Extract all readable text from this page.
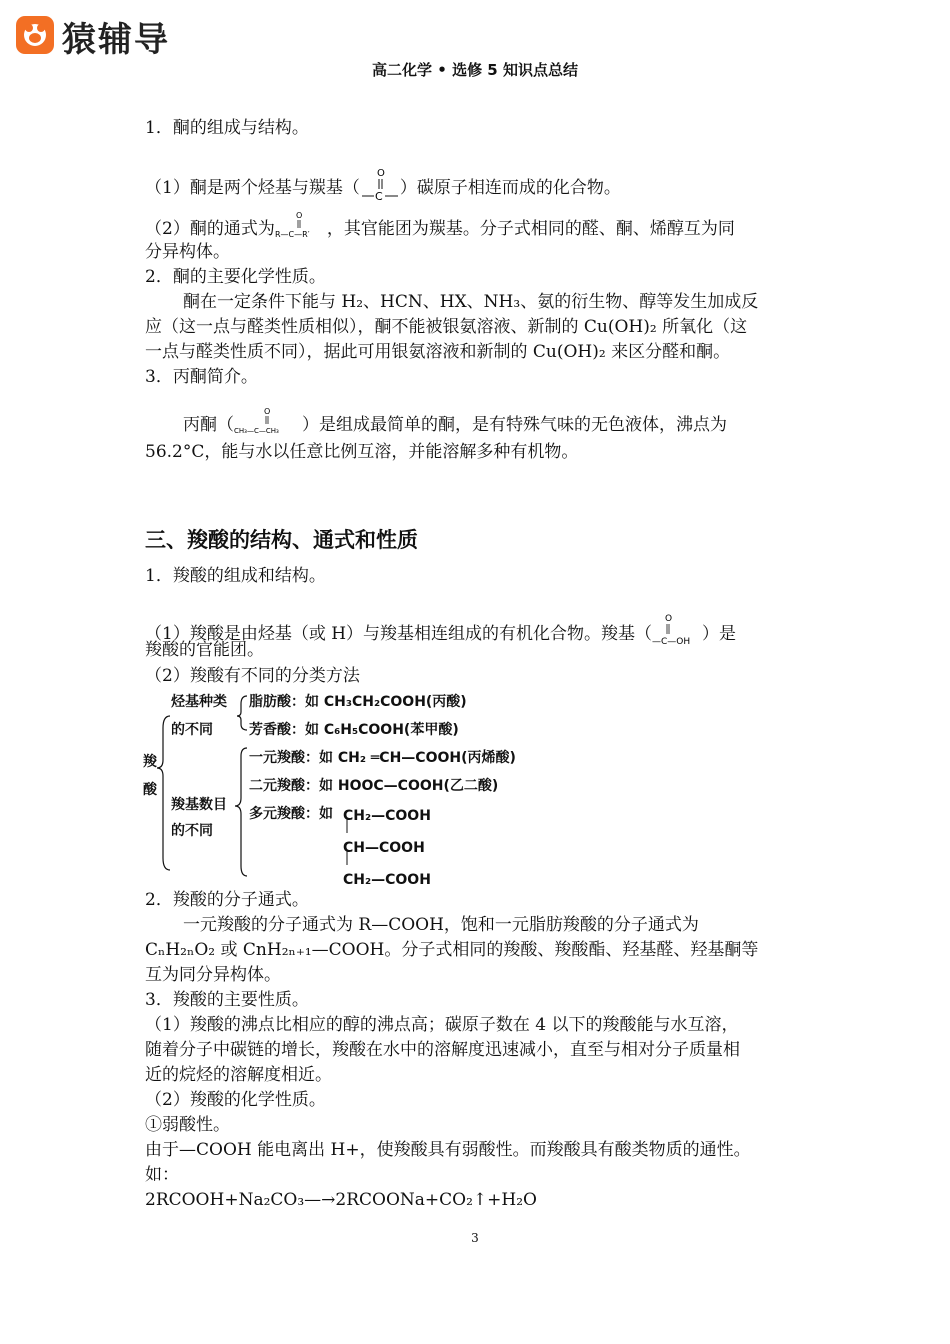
猿辅导
高二化学 • 选修 5 知识点总结
1．酮的组成与结构。
（1）酮是两个烃基与羰基（
O
C ）碳原子相连而成的化合物。
（2）酮的通式为
O
R—C—R′ ，其官能团为羰基。分子式相同的醛、酮、烯醇互为同
分异构体。
2．酮的主要化学性质。
酮在一定条件下能与 H₂、HCN、HX、NH₃、氨的衍生物、醇等发生加成反
应（这一点与醛类性质相似），酮不能被银氨溶液、新制的 Cu(OH)₂ 所氧化（这
一点与醛类性质不同），据此可用银氨溶液和新制的 Cu(OH)₂ 来区分醛和酮。
3．丙酮简介。
丙酮（
O
CH₃—C—CH₃ ）是组成最简单的酮，是有特殊气味的无色液体，沸点为
56.2°C，能与水以任意比例互溶，并能溶解多种有机物。
三、羧酸的结构、通式和性质
1．羧酸的组成和结构。
（1）羧酸是由烃基（或 H）与羧基相连组成的有机化合物。羧基（
O
—C—OH ）是
羧酸的官能团。
（2）羧酸有不同的分类方法
羧
酸
烃基种类
的不同
脂肪酸：如 CH₃CH₂COOH(丙酸)
芳香酸：如 C₆H₅COOH(苯甲酸)
羧基数目
的不同
一元羧酸：如 CH₂ ═CH—COOH(丙烯酸)
二元羧酸：如 HOOC—COOH(乙二酸)
多元羧酸：如 CH₂—COOH
CH—COOH
CH₂—COOH
2．羧酸的分子通式。
一元羧酸的分子通式为 R—COOH，饱和一元脂肪羧酸的分子通式为
CₙH₂ₙO₂ 或 CnH₂ₙ₊₁—COOH。分子式相同的羧酸、羧酸酯、羟基醛、羟基酮等
互为同分异构体。
3．羧酸的主要性质。
（1）羧酸的沸点比相应的醇的沸点高；碳原子数在 4 以下的羧酸能与水互溶，
随着分子中碳链的增长，羧酸在水中的溶解度迅速减小，直至与相对分子质量相
近的烷烃的溶解度相近。
（2）羧酸的化学性质。
①弱酸性。
由于—COOH 能电离出 H+，使羧酸具有弱酸性。而羧酸具有酸类物质的通性。
如：
2RCOOH+Na₂CO₃—→2RCOONa+CO₂↑+H₂O
3
